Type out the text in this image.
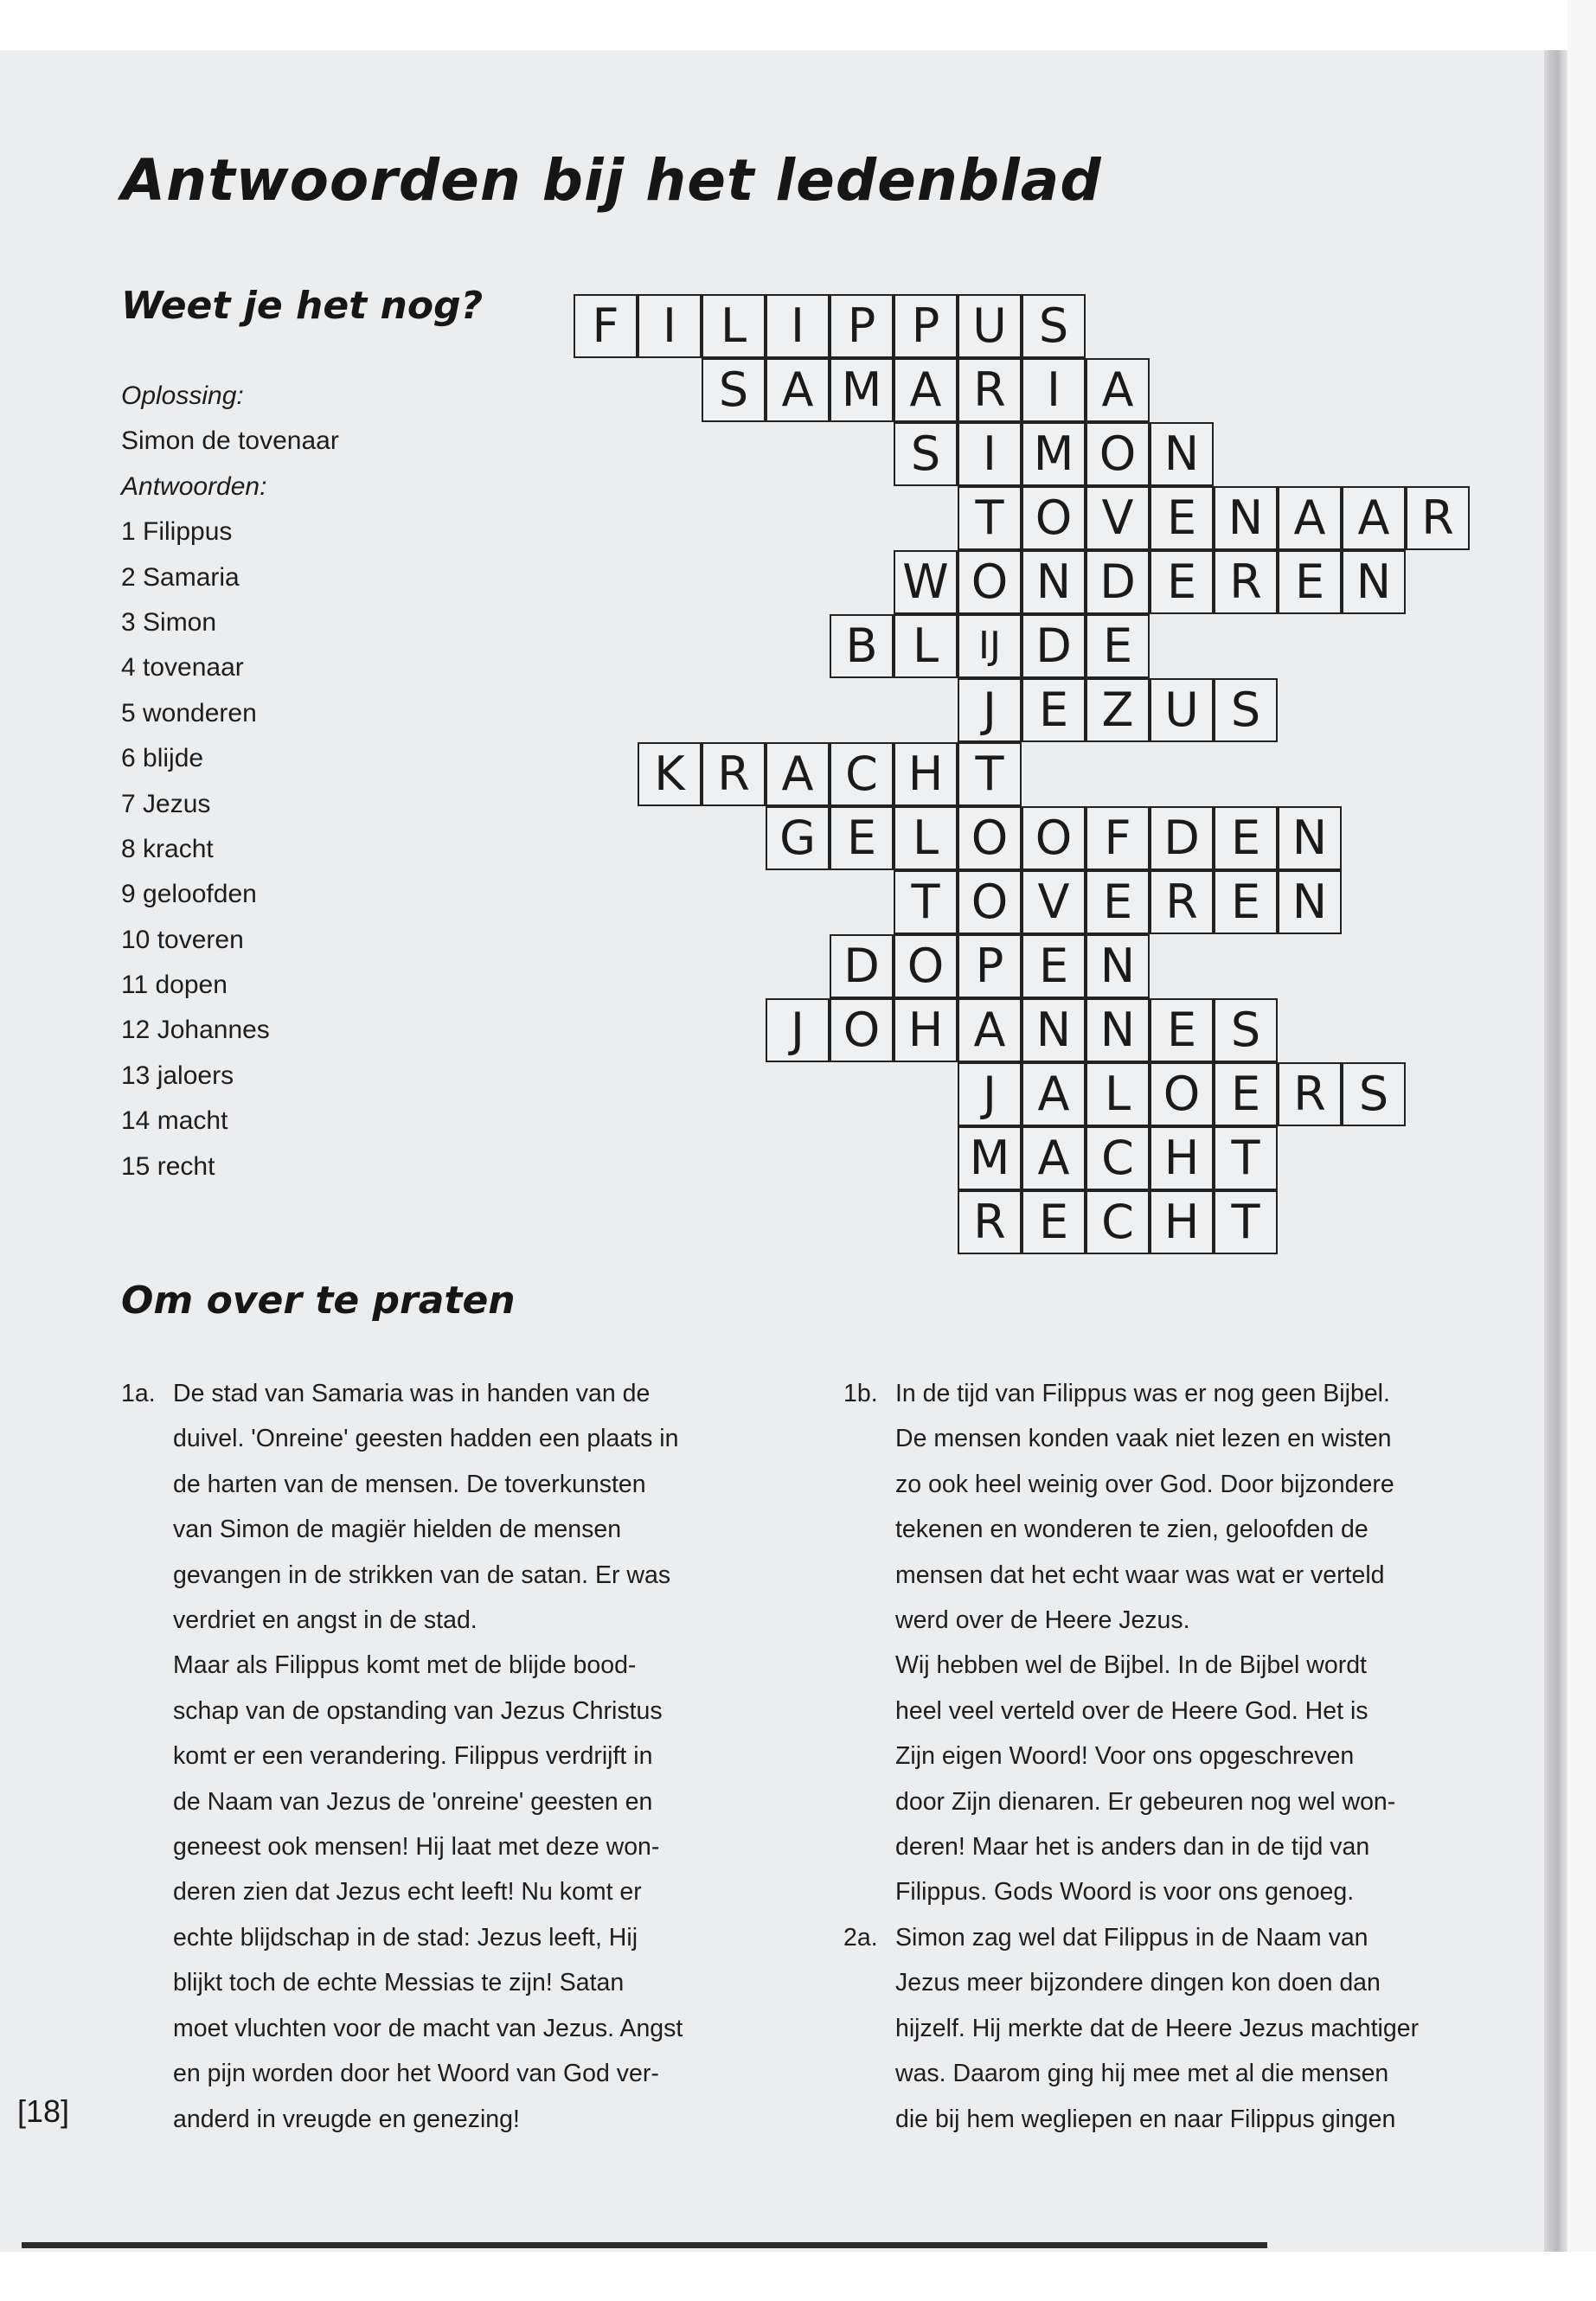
Antwoorden bij het ledenblad
Weet je het nog?
Oplossing:
Simon de tovenaar
Antwoorden:
1 Filippus
2 Samaria
3 Simon
4 tovenaar
5 wonderen
6 blijde
7 Jezus
8 kracht
9 geloofden
10 toveren
11 dopen
12 Johannes
13 jaloers
14 macht
15 recht
F I L I P P U S
S A M A R I A
S I M O N
T O V E N A A R
W O N D E R E N
B L	IJ D E
J E Z U S
K R A C H T
G E L O O F D E N
T O V E R E N
D O P E N
J O H A N N E S
J A L O E R S
M A C H T
R E C H T
Om over te praten
1a. De stad van Samaria was in handen van de
duivel. 'Onreine' geesten hadden een plaats in
de harten van de mensen. De toverkunsten
van Simon de magiër hielden de mensen
gevangen in de strikken van de satan. Er was
verdriet en angst in de stad.
Maar als Filippus komt met de blijde bood-
schap van de opstanding van Jezus Christus
komt er een verandering. Filippus verdrijft in
de Naam van Jezus de 'onreine' geesten en
geneest ook mensen! Hij laat met deze won-
deren zien dat Jezus echt leeft! Nu komt er
echte blijdschap in de stad: Jezus leeft, Hij
blijkt toch de echte Messias te zijn! Satan
moet vluchten voor de macht van Jezus. Angst
en pijn worden door het Woord van God ver-
anderd in vreugde en genezing!
1b. In de tijd van Filippus was er nog geen Bijbel.
De mensen konden vaak niet lezen en wisten
zo ook heel weinig over God. Door bijzondere
tekenen en wonderen te zien, geloofden de
mensen dat het echt waar was wat er verteld
werd over de Heere Jezus.
Wij hebben wel de Bijbel. In de Bijbel wordt
heel veel verteld over de Heere God. Het is
Zijn eigen Woord! Voor ons opgeschreven
door Zijn dienaren. Er gebeuren nog wel won-
deren! Maar het is anders dan in de tijd van
Filippus. Gods Woord is voor ons genoeg.
2a. Simon zag wel dat Filippus in de Naam van
Jezus meer bijzondere dingen kon doen dan
hijzelf. Hij merkte dat de Heere Jezus machtiger
was. Daarom ging hij mee met al die mensen
die bij hem wegliepen en naar Filippus gingen
[18]
